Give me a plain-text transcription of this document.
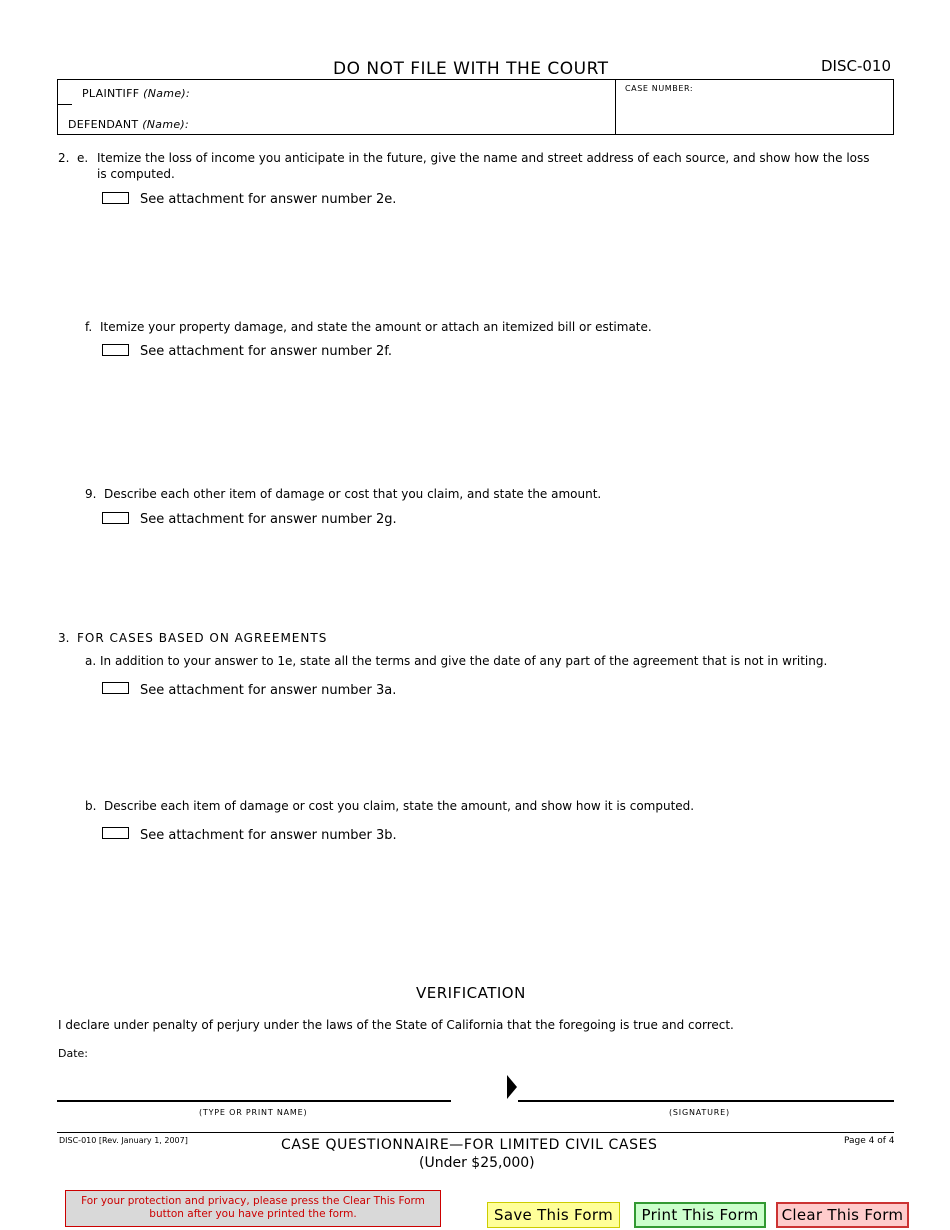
DO NOT FILE WITH THE COURT	DISC-010
PLAINTIFF (Name):
DEFENDANT (Name):
CASE NUMBER:
2. e. Itemize the loss of income you anticipate in the future, give the name and street address of each source, and show how the loss
is computed.
See attachment for answer number 2e.
f. Itemize your property damage, and state the amount or attach an itemized bill or estimate.
See attachment for answer number 2f.
9. Describe each other item of damage or cost that you claim, and state the amount.
See attachment for answer number 2g.
3. FOR CASES BASED ON AGREEMENTS
a. In addition to your answer to 1e, state all the terms and give the date of any part of the agreement that is not in writing.
See attachment for answer number 3a.
b. Describe each item of damage or cost you claim, state the amount, and show how it is computed.
See attachment for answer number 3b.
VERIFICATION
I declare under penalty of perjury under the laws of the State of California that the foregoing is true and correct.
Date:
(TYPE OR PRINT NAME)	(SIGNATURE)
DISC-010 [Rev. January 1, 2007]	CASE QUESTIONNAIRE—FOR LIMITED CIVIL CASES
(Under $25,000)
Page 4 of 4
For your protection and privacy, please press the Clear This Form
button after you have printed the form.	Save This Form	Print This Form	Clear This Form
